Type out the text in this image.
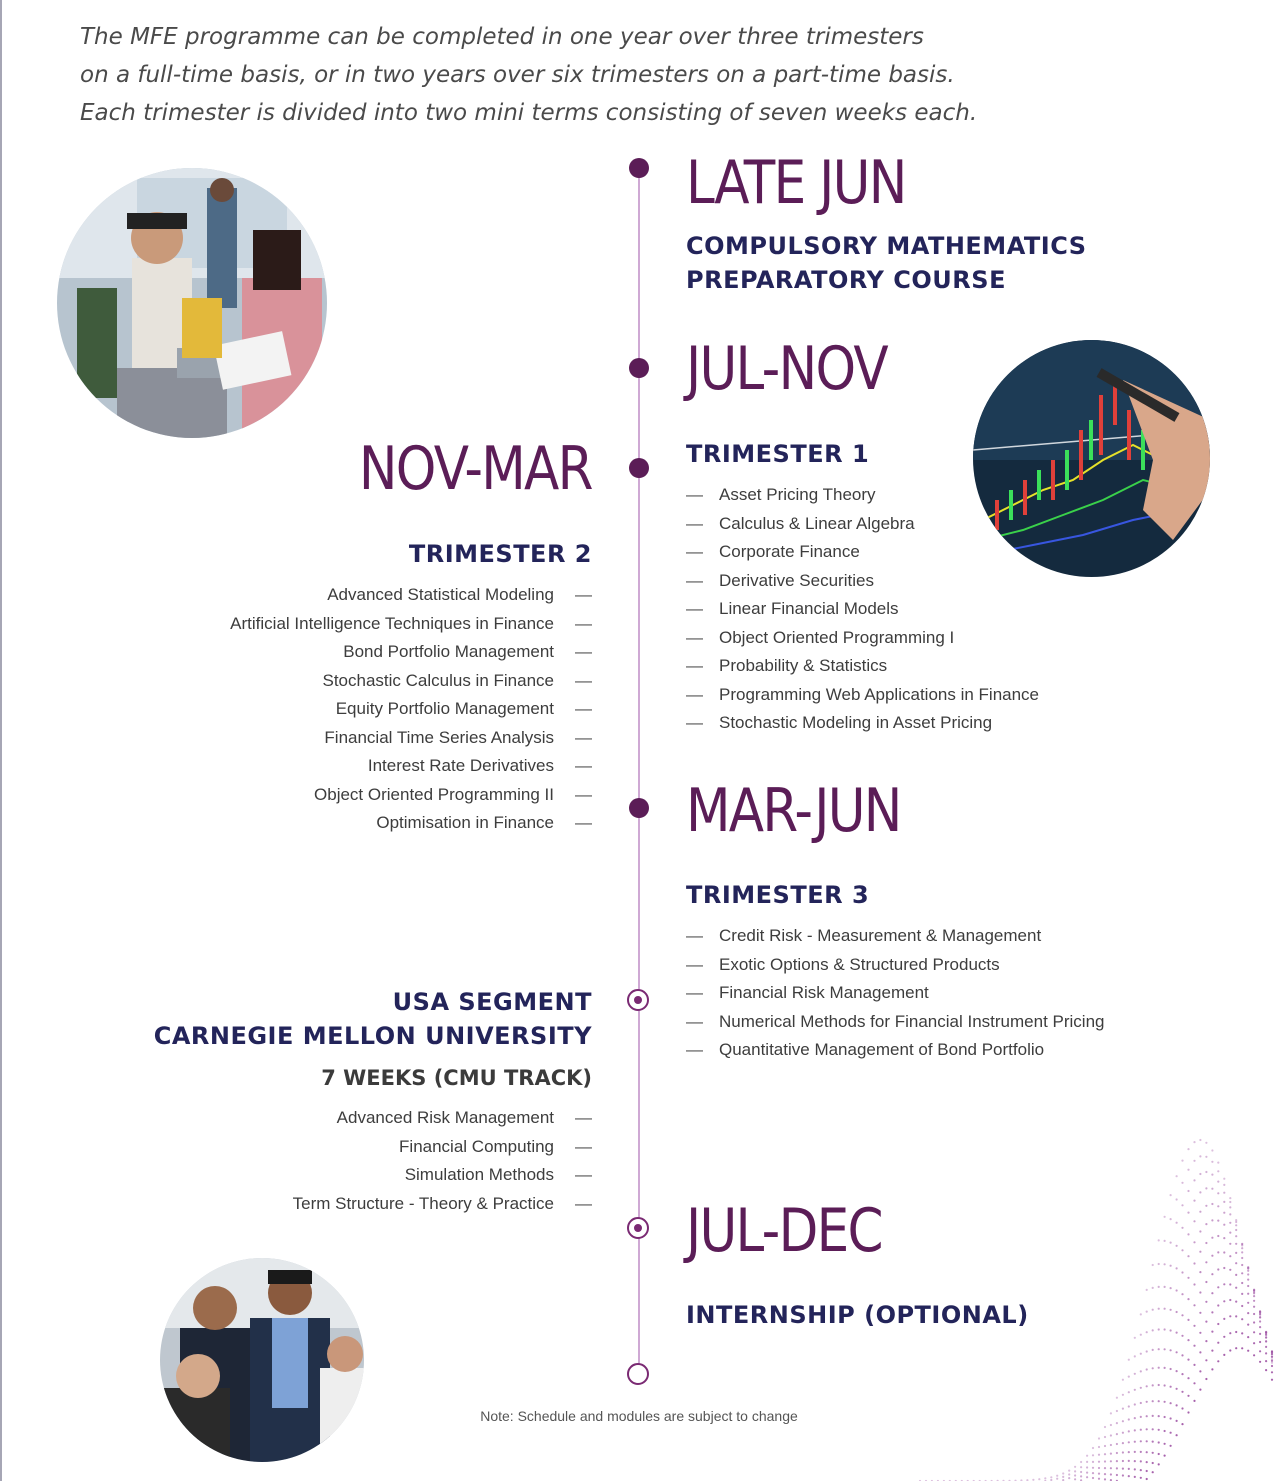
The MFE programme can be completed in one year over three trimesters
on a full-time basis, or in two years over six trimesters on a part-time basis.
Each trimester is divided into two mini terms consisting of seven weeks each.

LATE JUN
COMPULSORY MATHEMATICS
PREPARATORY COURSE
JUL-NOV
TRIMESTER 1
— Asset Pricing Theory
— Calculus & Linear Algebra
— Corporate Finance
— Derivative Securities
— Linear Financial Models
— Object Oriented Programming I
— Probability & Statistics
— Programming Web Applications in Finance
— Stochastic Modeling in Asset Pricing
NOV-MAR
TRIMESTER 2
Advanced Statistical Modeling —
Artificial Intelligence Techniques in Finance —
Bond Portfolio Management —
Stochastic Calculus in Finance —
Equity Portfolio Management —
Financial Time Series Analysis —
Interest Rate Derivatives —
Object Oriented Programming II —
Optimisation in Finance —	MAR-JUN
TRIMESTER 3
— Credit Risk - Measurement & Management
— Exotic Options & Structured Products
— Financial Risk Management
— Numerical Methods for Financial Instrument Pricing
— Quantitative Management of Bond Portfolio
USA SEGMENT
CARNEGIE MELLON UNIVERSITY
7 WEEKS (CMU TRACK)
Advanced Risk Management —
Financial Computing —
Simulation Methods —
Term Structure - Theory & Practice —	JUL-DEC
INTERNSHIP (OPTIONAL)
Note: Schedule and modules are subject to change
